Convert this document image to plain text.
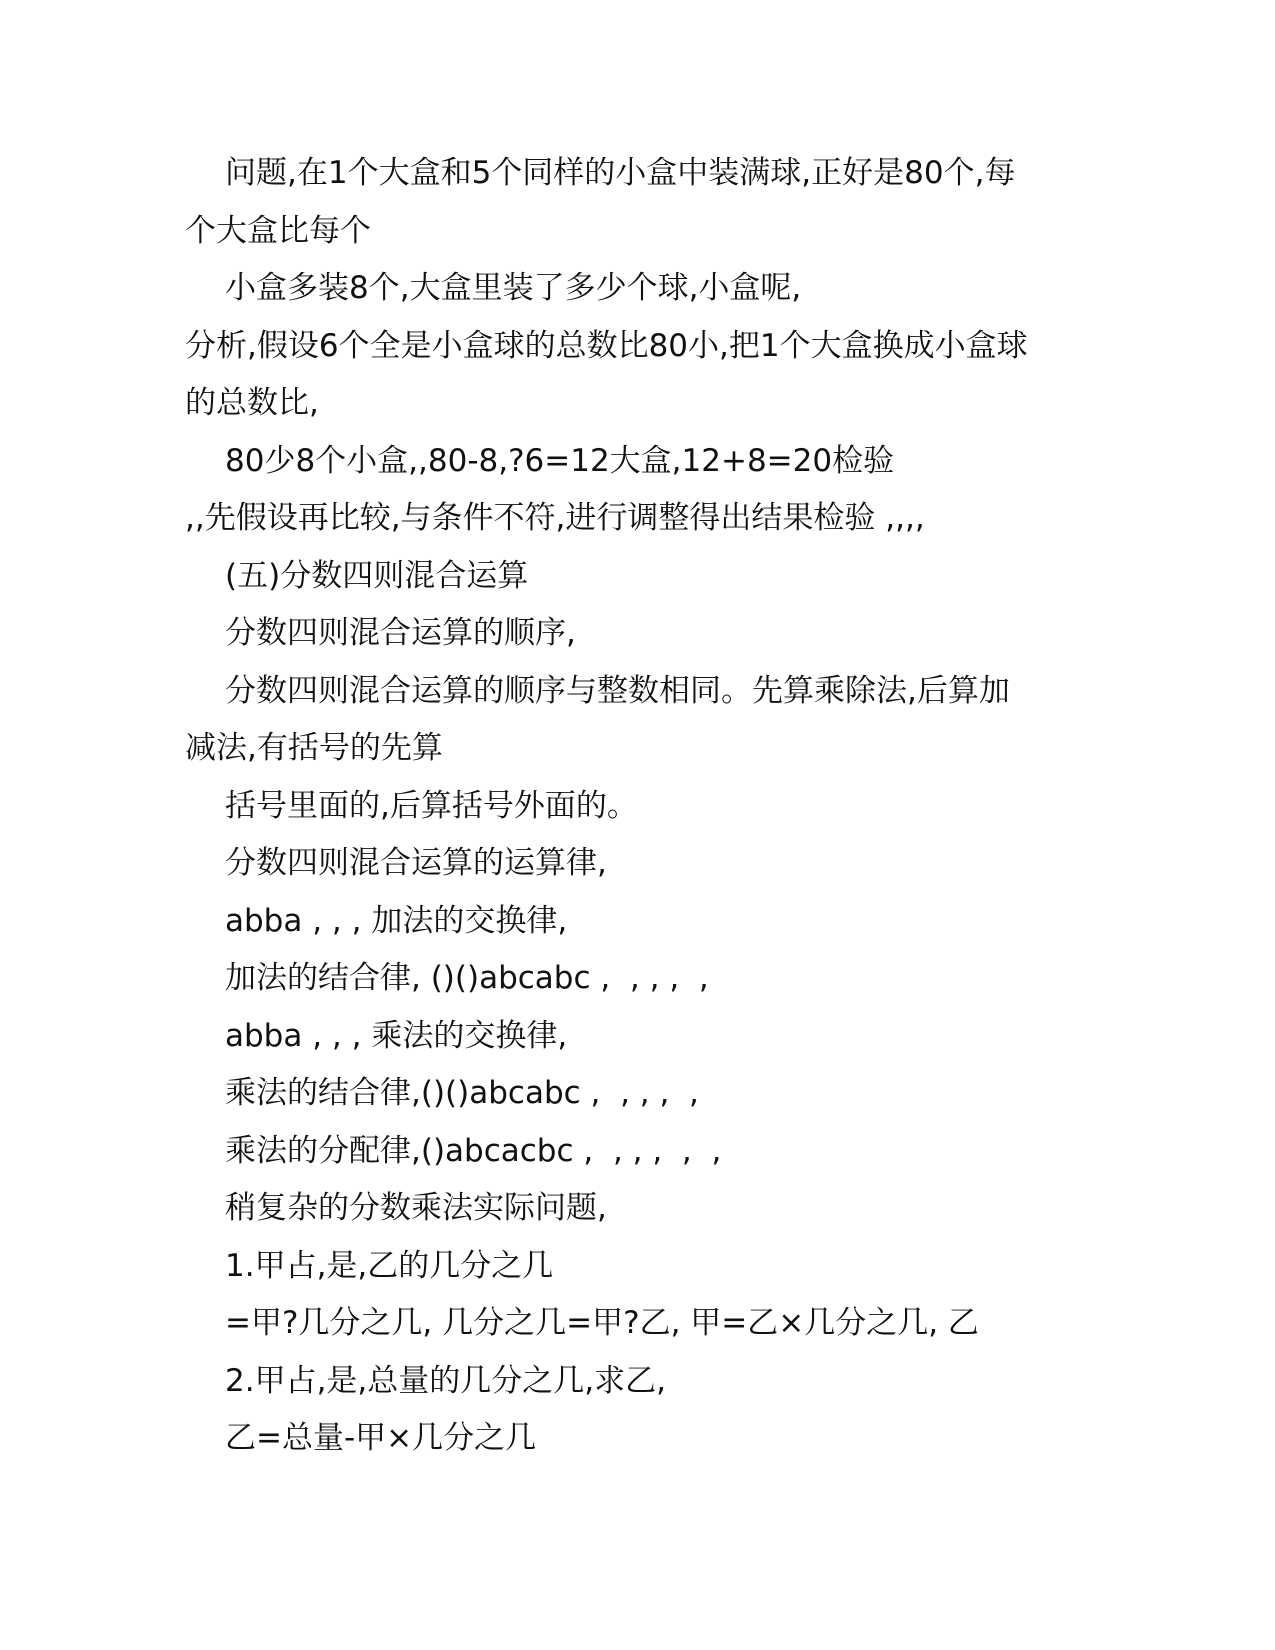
问题,在1个大盒和5个同样的小盒中装满球,正好是80个,每
个大盒比每个
小盒多装8个,大盒里装了多少个球,小盒呢,
分析,假设6个全是小盒球的总数比80小,把1个大盒换成小盒球
的总数比,
80少8个小盒,,80-8,?6=12大盒,12+8=20检验
,,先假设再比较,与条件不符,进行调整得出结果检验 ,,,,
(五)分数四则混合运算
分数四则混合运算的顺序,
分数四则混合运算的顺序与整数相同。先算乘除法,后算加
减法,有括号的先算
括号里面的,后算括号外面的。
分数四则混合运算的运算律,
abba , , , 加法的交换律,
加法的结合律, ()()abcabc ,  , , ,  ,
abba , , , 乘法的交换律,
乘法的结合律,()()abcabc ,  , , ,  ,
乘法的分配律,()abcacbc ,  , , ,  ,  ,
稍复杂的分数乘法实际问题,
1.甲占,是,乙的几分之几
=甲?几分之几, 几分之几=甲?乙, 甲=乙×几分之几, 乙
2.甲占,是,总量的几分之几,求乙,
乙=总量-甲×几分之几
